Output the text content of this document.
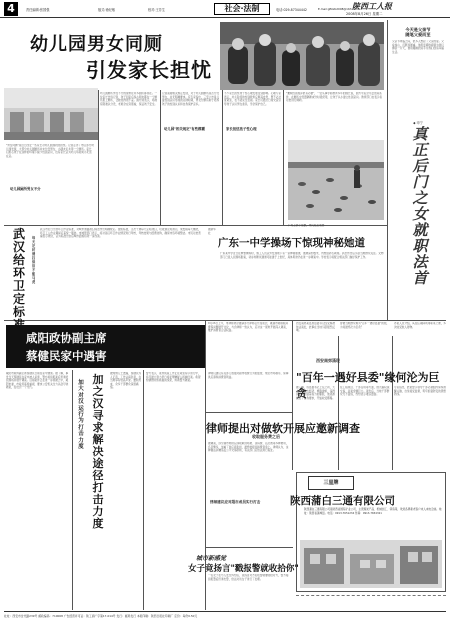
4	责任编辑:张国强	版式:徐纪敏	校对:王芳生	社会·法制	电话:029-87344442	E-mail:gfblzb2008@163.com
陕西工人报
2008年8月26日 星期二
幼儿园男女同厕
引发家长担忧
"男女同厕"是近日西安一些家长对幼儿园现状的担忧。记者走访了市区部分幼儿园发现，大部分幼儿园厕所并未分设男女，小朋友们共用一个厕所。家长们担心孩子在这样的环境下缺少性别意识，也有家长认为幼儿年龄尚小无需在意。
幼儿园厕所男女不分
幼儿园厕所男女不分的现象在许多园所都存在。一位家长告诉记者，孩子回家后说小朋友都在一个厕所里上厕所，让她觉得很不妥。园方则表示，场地有限难以分设，老师会在旁照看，保证孩子安全。
记者查阅相关规定发现，对于幼儿园厕所是否分设男女，并无明确要求。有专家指出，三至六岁是儿童性别意识形成的关键时期，男女分厕有助于培养孩子的性别认识和自我保护意识。
幼儿园"相关规定"有些模糊
不少家长担忧孩子性心理发展受到影响。心理专家表示，幼儿阶段的性别教育应顺其自然，既不必过度紧张，也不能完全忽视。家长可通过日常交流引导孩子认识男女差异，学会保护自己。
家长担忧孩子性心理
"兼顾性别差异很有必要"，一位从事学前教育多年的园长说，园方今后会尽量创造条件，在厕所中设置隔断或分时段使用，让孩子从小建立性别意识。教育部门也表示将对此进行调研。
今天是父亲节
随笔父爱而至
父亲节来临之际，很多人想起了父亲的爱。父爱如山，沉默而厚重。他用宽阔的肩膀为我们撑起一片天，他用粗糙的双手为我们创造幸福生活。
◆ 申宁
真
正
后
门
之
女
就
职
法
首
广场上鸽子成群，市民驻足观赏
武
汉
给
环
卫
定
标
每天定时清扫保洁不能马虎
武汉市近日出台环卫作业标准，对城市道路清扫保洁作出明确规定。按照标准，主次干道每天定时清扫，垃圾须及时清运，果皮箱每天擦洗，环卫工人作业期间应着统一服装。市城管部门表示，将对各区环卫作业情况进行考核，考核结果与经费挂钩，确保市容环境整洁。市民对此普遍表示欢迎，认为标准出台后城市面貌将进一步改善。
据新华社
广东一中学操场下惊现神秘她道
广东某中学近日在修整操场时，施工人员意外发现地下有一条神秘通道，通道深约数米，内壁由砖石砌成。消息传出后引起当地群众关注。文物部门已派人到现场勘查，初步判断该通道可能建于上世纪，具体用途仍在进一步调查中。学校表示将配合相关部门做好保护工作。
咸阳政协副主席
蔡健民家中遇害
咸阳市政协副主席蔡健民日前在家中遇害。据了解，事发当天蔡健民在家中被人杀害，警方接到报案后迅速赶到现场并展开调查。目前案件正在进一步侦破之中，咸阳市委、市政府高度重视，要求公安机关全力以赴尽快破案，给社会一个交代。
据知情人士透露，蔡健民为人正直，工作认真负责，在当地享有较高声誉。噩耗传来，众多干部群众深感痛惜。
警方表示，案件侦查工作正在紧张有序进行中，将尽最大努力早日将犯罪嫌疑人抓捕归案。希望知情群众积极提供线索，协助警方破案。
加
大
对
汉
运
行
为
打
击
力
度
加
之
汉
寻
求
解
决
途
径
打
击
力
度
8月26日上午，市律师协会邀请部分律师召开座谈会，就超市收取服务费等问题展开讨论，与会律师一致认为，应对这一现象开展深入调查，维护消费者合法权益。
律师们建议有关部门加强对超市收费行为的监管，规范市场秩序，保障供应商和消费者利益。
律师提出对做软开展应邀新调查
收取服务费之后
据调查，部分超市向供应商收取进场费、条码费、店庆费等多种费用，名目繁多，加重了供应商负担，最终转嫁到消费者身上。律师认为，这种做法涉嫌违反公平交易原则，有关部门应依法进行查处。
律师建议应对超市成员实行打击
西安南郊某县原县委书记因受贿被依法查处，此事在当地引起强烈反响。
曾被当地群众称为"百年一遇好县委"的他，为何最终沦为巨贪？
办案人员介绍，其在任期间利用职务之便，多次收受他人财物。
西安南郊涌现
"百年一遇好县委"缘何沦为巨贪
据了解，该县委书记上任之初，大力发展地方经济，修路建桥，深得民心。但随着权力的膨胀，他逐渐放松了自我要求，开始收受贿赂。
在工程项目、干部任用等方面，他大搞权钱交易，涉案金额巨大。案发后，当地干部群众无不震惊，纷纷表示难以置信。
专家指出，此案警示领导干部必须始终保持清醒头脑，自觉接受监督，筑牢拒腐防变的思想防线。
三星牌
陕西蒲白三通有限公司
陕西蒲白三通有限公司是陕西省国有矿业公司，主营煤炭产品、机械加工、铸造等，欢迎各界新老客户来人来电洽谈。地址：陕西省蒲城县。电话：0913-7651234 传真：0913-7654321
城市新感觉
女子竟扬言"戳报警就收拾你"
一名女子在与人发生纠纷后，竟扬言对方若报警就要收拾对方，警方接到报警后迅速出警，依法对该女子进行了处理。
社址：西安市含光路239号 邮政编码：710068 广告经营许可证：陕工商广字第17-014号 发行：邮局发行 本报印刷：陕西日报社印刷厂 定价：每份0.50元
